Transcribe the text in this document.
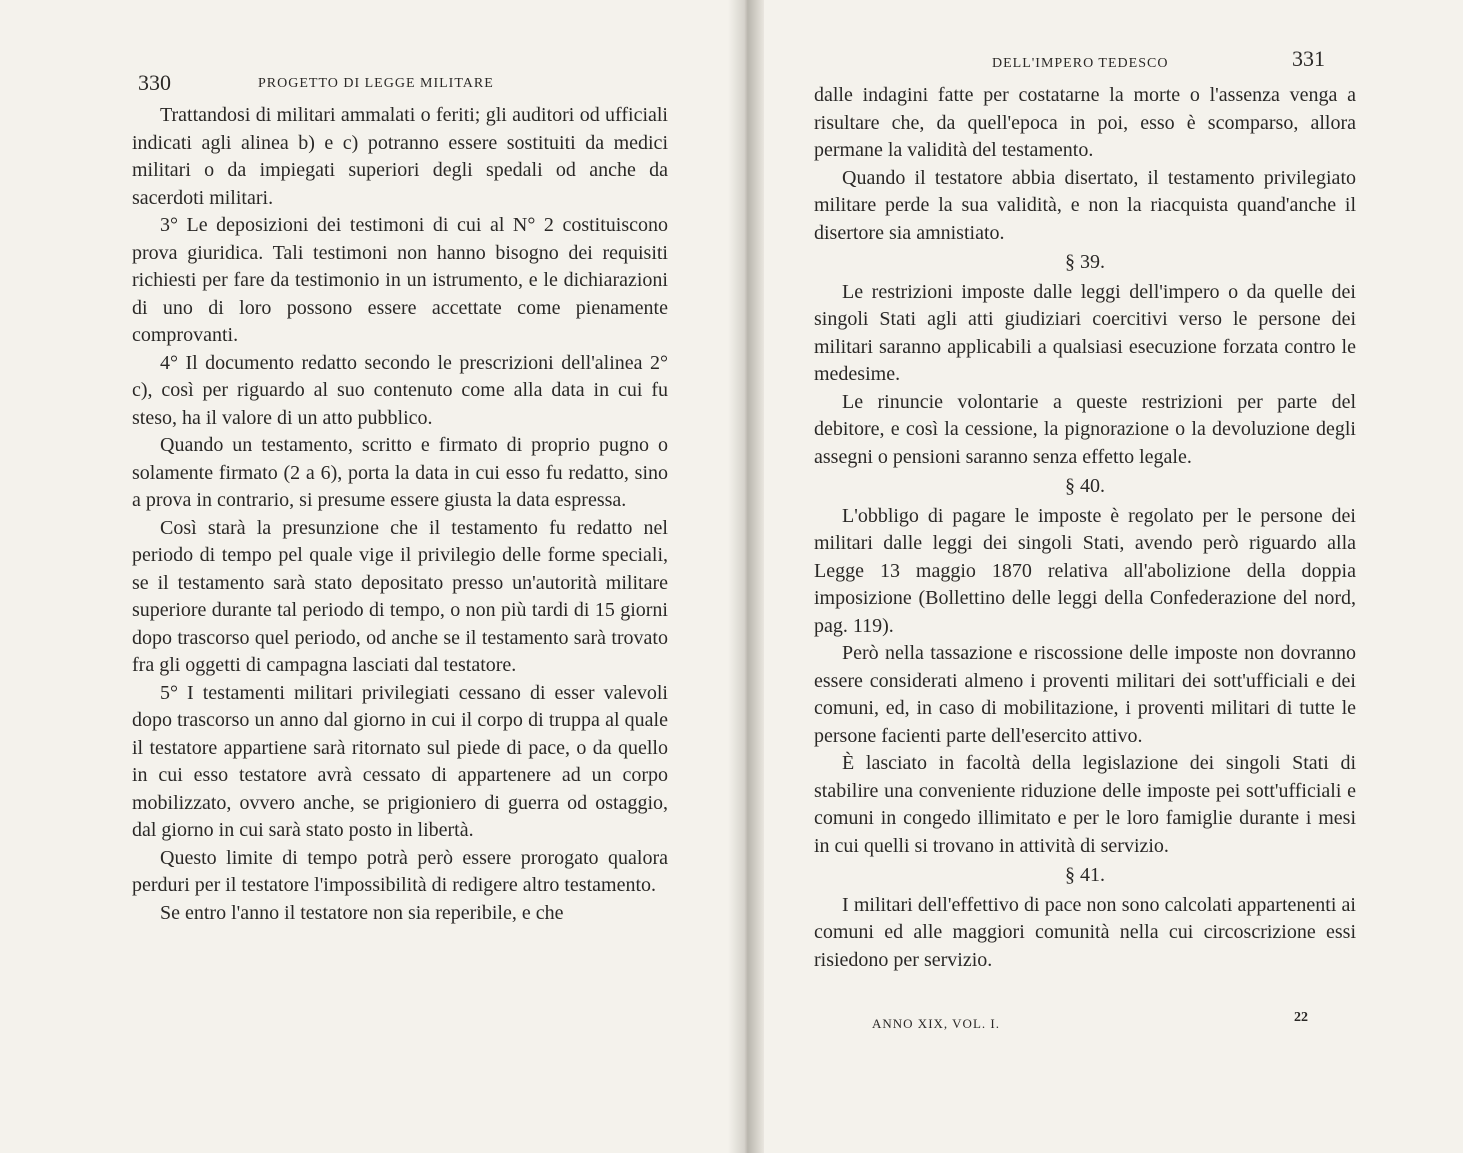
330	PROGETTO DI LEGGE MILITARE

Trattandosi di militari ammalati o feriti; gli auditori od ufficiali indicati agli alinea b) e c) potranno essere sostituiti da medici militari o da impiegati superiori degli spedali od anche da sacerdoti militari.

3° Le deposizioni dei testimoni di cui al N° 2 costituiscono prova giuridica. Tali testimoni non hanno bisogno dei requisiti richiesti per fare da testimonio in un istrumento, e le dichiarazioni di uno di loro possono essere accettate come pienamente comprovanti.

4° Il documento redatto secondo le prescrizioni dell'alinea 2° c), così per riguardo al suo contenuto come alla data in cui fu steso, ha il valore di un atto pubblico.

Quando un testamento, scritto e firmato di proprio pugno o solamente firmato (2 a 6), porta la data in cui esso fu redatto, sino a prova in contrario, si presume essere giusta la data espressa.

Così starà la presunzione che il testamento fu redatto nel periodo di tempo pel quale vige il privilegio delle forme speciali, se il testamento sarà stato depositato presso un'autorità militare superiore durante tal periodo di tempo, o non più tardi di 15 giorni dopo trascorso quel periodo, od anche se il testamento sarà trovato fra gli oggetti di campagna lasciati dal testatore.

5° I testamenti militari privilegiati cessano di esser valevoli dopo trascorso un anno dal giorno in cui il corpo di truppa al quale il testatore appartiene sarà ritornato sul piede di pace, o da quello in cui esso testatore avrà cessato di appartenere ad un corpo mobilizzato, ovvero anche, se prigioniero di guerra od ostaggio, dal giorno in cui sarà stato posto in libertà.

Questo limite di tempo potrà però essere prorogato qualora perduri per il testatore l'impossibilità di redigere altro testamento.

Se entro l'anno il testatore non sia reperibile, e che

DELL'IMPERO TEDESCO	331

dalle indagini fatte per costatarne la morte o l'assenza venga a risultare che, da quell'epoca in poi, esso è scomparso, allora permane la validità del testamento.

Quando il testatore abbia disertato, il testamento privilegiato militare perde la sua validità, e non la riacquista quand'anche il disertore sia amnistiato.

§ 39.

Le restrizioni imposte dalle leggi dell'impero o da quelle dei singoli Stati agli atti giudiziari coercitivi verso le persone dei militari saranno applicabili a qualsiasi esecuzione forzata contro le medesime.

Le rinuncie volontarie a queste restrizioni per parte del debitore, e così la cessione, la pignorazione o la devoluzione degli assegni o pensioni saranno senza effetto legale.

§ 40.

L'obbligo di pagare le imposte è regolato per le persone dei militari dalle leggi dei singoli Stati, avendo però riguardo alla Legge 13 maggio 1870 relativa all'abolizione della doppia imposizione (Bollettino delle leggi della Confederazione del nord, pag. 119).

Però nella tassazione e riscossione delle imposte non dovranno essere considerati almeno i proventi militari dei sott'ufficiali e dei comuni, ed, in caso di mobilitazione, i proventi militari di tutte le persone facienti parte dell'esercito attivo.

È lasciato in facoltà della legislazione dei singoli Stati di stabilire una conveniente riduzione delle imposte pei sott'ufficiali e comuni in congedo illimitato e per le loro famiglie durante i mesi in cui quelli si trovano in attività di servizio.

§ 41.

I militari dell'effettivo di pace non sono calcolati appartenenti ai comuni ed alle maggiori comunità nella cui circoscrizione essi risiedono per servizio.

ANNO XIX, VOL. I.	22
